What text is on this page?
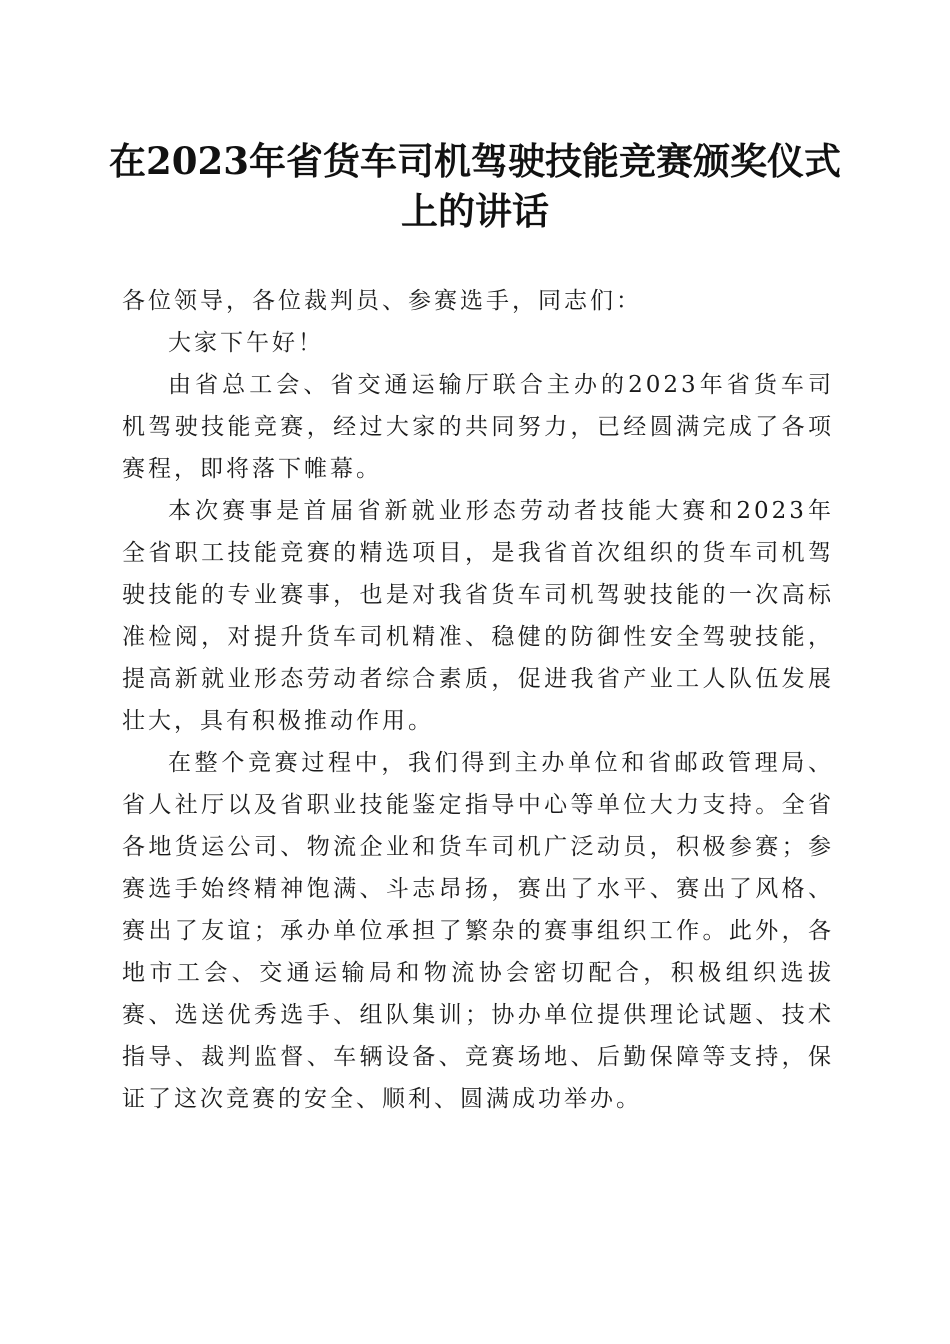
在2023年省货车司机驾驶技能竞赛颁奖仪式
上的讲话

各位领导，各位裁判员、参赛选手，同志们：

大家下午好！

由省总工会、省交通运输厅联合主办的2023年省货车司机驾驶技能竞赛，经过大家的共同努力，已经圆满完成了各项赛程，即将落下帷幕。

本次赛事是首届省新就业形态劳动者技能大赛和2023年全省职工技能竞赛的精选项目，是我省首次组织的货车司机驾驶技能的专业赛事，也是对我省货车司机驾驶技能的一次高标准检阅，对提升货车司机精准、稳健的防御性安全驾驶技能，提高新就业形态劳动者综合素质，促进我省产业工人队伍发展壮大，具有积极推动作用。

在整个竞赛过程中，我们得到主办单位和省邮政管理局、省人社厅以及省职业技能鉴定指导中心等单位大力支持。全省各地货运公司、物流企业和货车司机广泛动员，积极参赛；参赛选手始终精神饱满、斗志昂扬，赛出了水平、赛出了风格、赛出了友谊；承办单位承担了繁杂的赛事组织工作。此外，各地市工会、交通运输局和物流协会密切配合，积极组织选拔赛、选送优秀选手、组队集训；协办单位提供理论试题、技术指导、裁判监督、车辆设备、竞赛场地、后勤保障等支持，保证了这次竞赛的安全、顺利、圆满成功举办。
